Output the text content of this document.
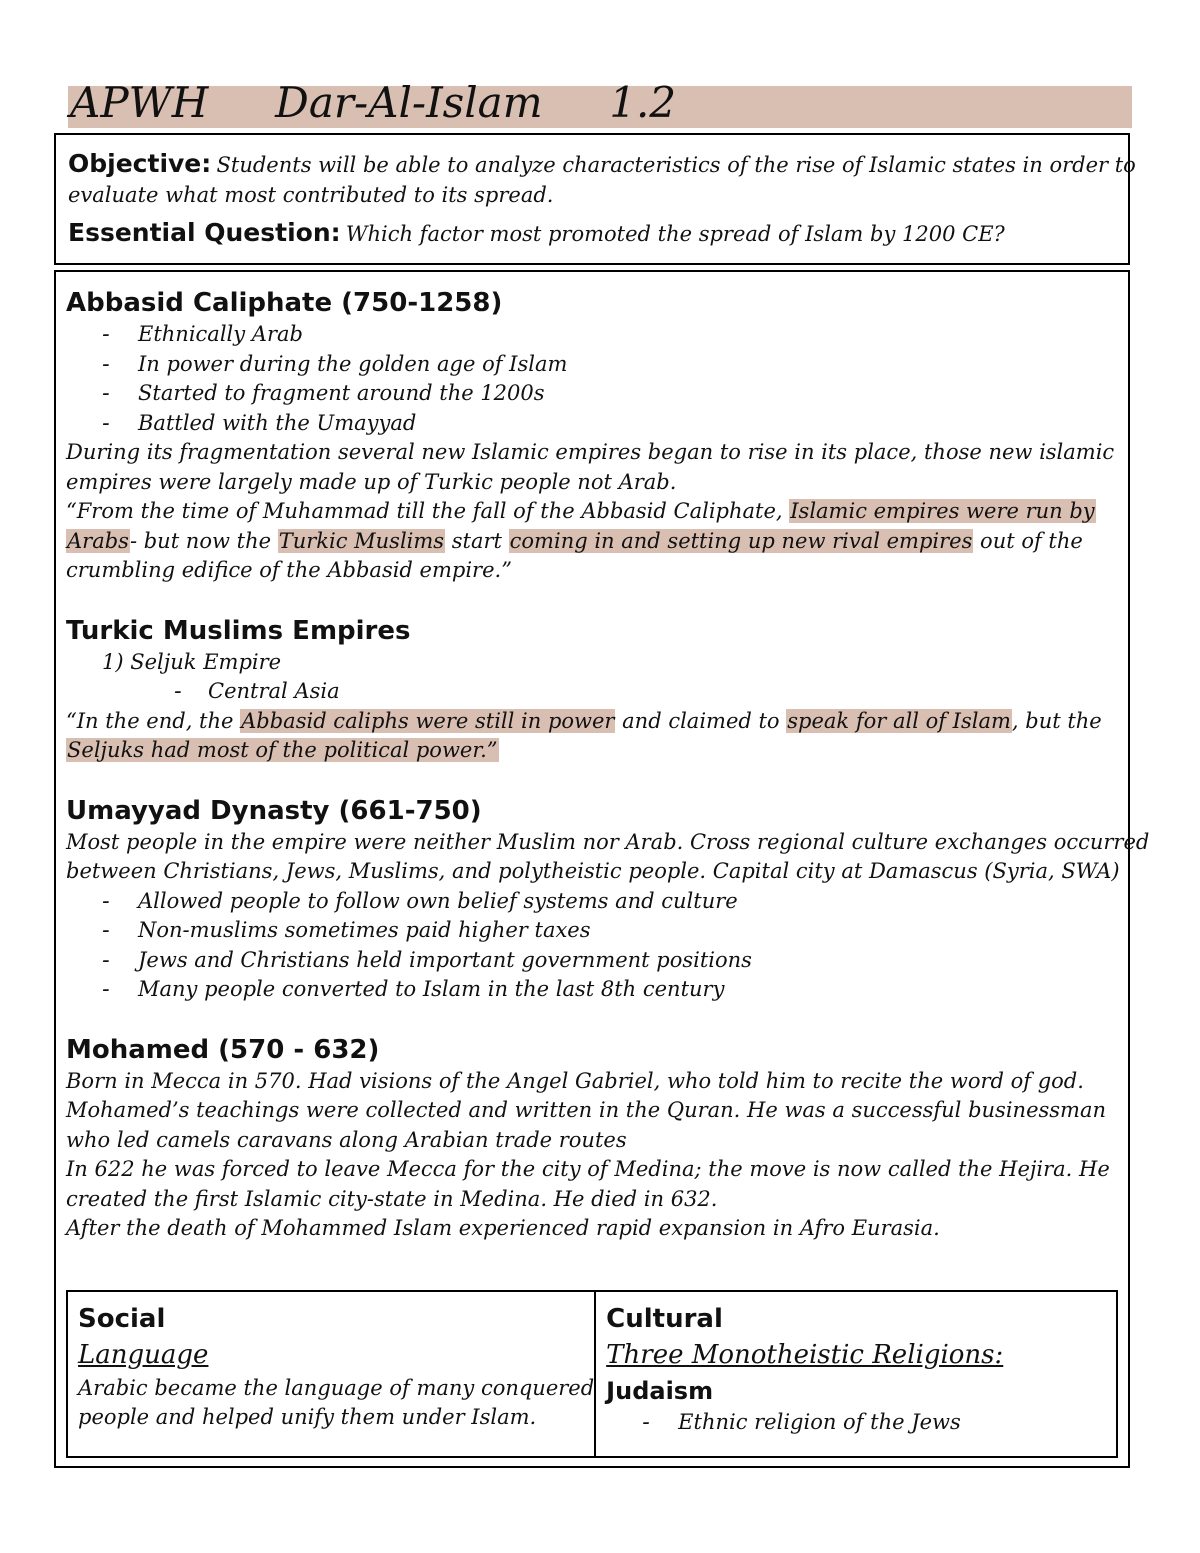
APWH Dar-Al-Islam 1.2
Objective: Students will be able to analyze characteristics of the rise of Islamic states in order to
evaluate what most contributed to its spread.
Essential Question: Which factor most promoted the spread of Islam by 1200 CE?
Abbasid Caliphate (750-1258)
- Ethnically Arab
- In power during the golden age of Islam
- Started to fragment around the 1200s
- Battled with the Umayyad
During its fragmentation several new Islamic empires began to rise in its place, those new islamic
empires were largely made up of Turkic people not Arab.
“From the time of Muhammad till the fall of the Abbasid Caliphate, Islamic empires were run by
Arabs- but now the Turkic Muslims start coming in and setting up new rival empires out of the
crumbling edifice of the Abbasid empire.”
Turkic Muslims Empires
1) Seljuk Empire
- Central Asia
“In the end, the Abbasid caliphs were still in power and claimed to speak for all of Islam, but the
Seljuks had most of the political power.”
Umayyad Dynasty (661-750)
Most people in the empire were neither Muslim nor Arab. Cross regional culture exchanges occurred
between Christians, Jews, Muslims, and polytheistic people. Capital city at Damascus (Syria, SWA)
- Allowed people to follow own belief systems and culture
- Non-muslims sometimes paid higher taxes
- Jews and Christians held important government positions
- Many people converted to Islam in the last 8th century
Mohamed (570 - 632)
Born in Mecca in 570. Had visions of the Angel Gabriel, who told him to recite the word of god.
Mohamed’s teachings were collected and written in the Quran. He was a successful businessman
who led camels caravans along Arabian trade routes
In 622 he was forced to leave Mecca for the city of Medina; the move is now called the Hejira. He
created the first Islamic city-state in Medina. He died in 632.
After the death of Mohammed Islam experienced rapid expansion in Afro Eurasia.
Social
Language
Arabic became the language of many conquered
people and helped unify them under Islam.
Cultural
Three Monotheistic Religions:
Judaism
- Ethnic religion of the Jews
